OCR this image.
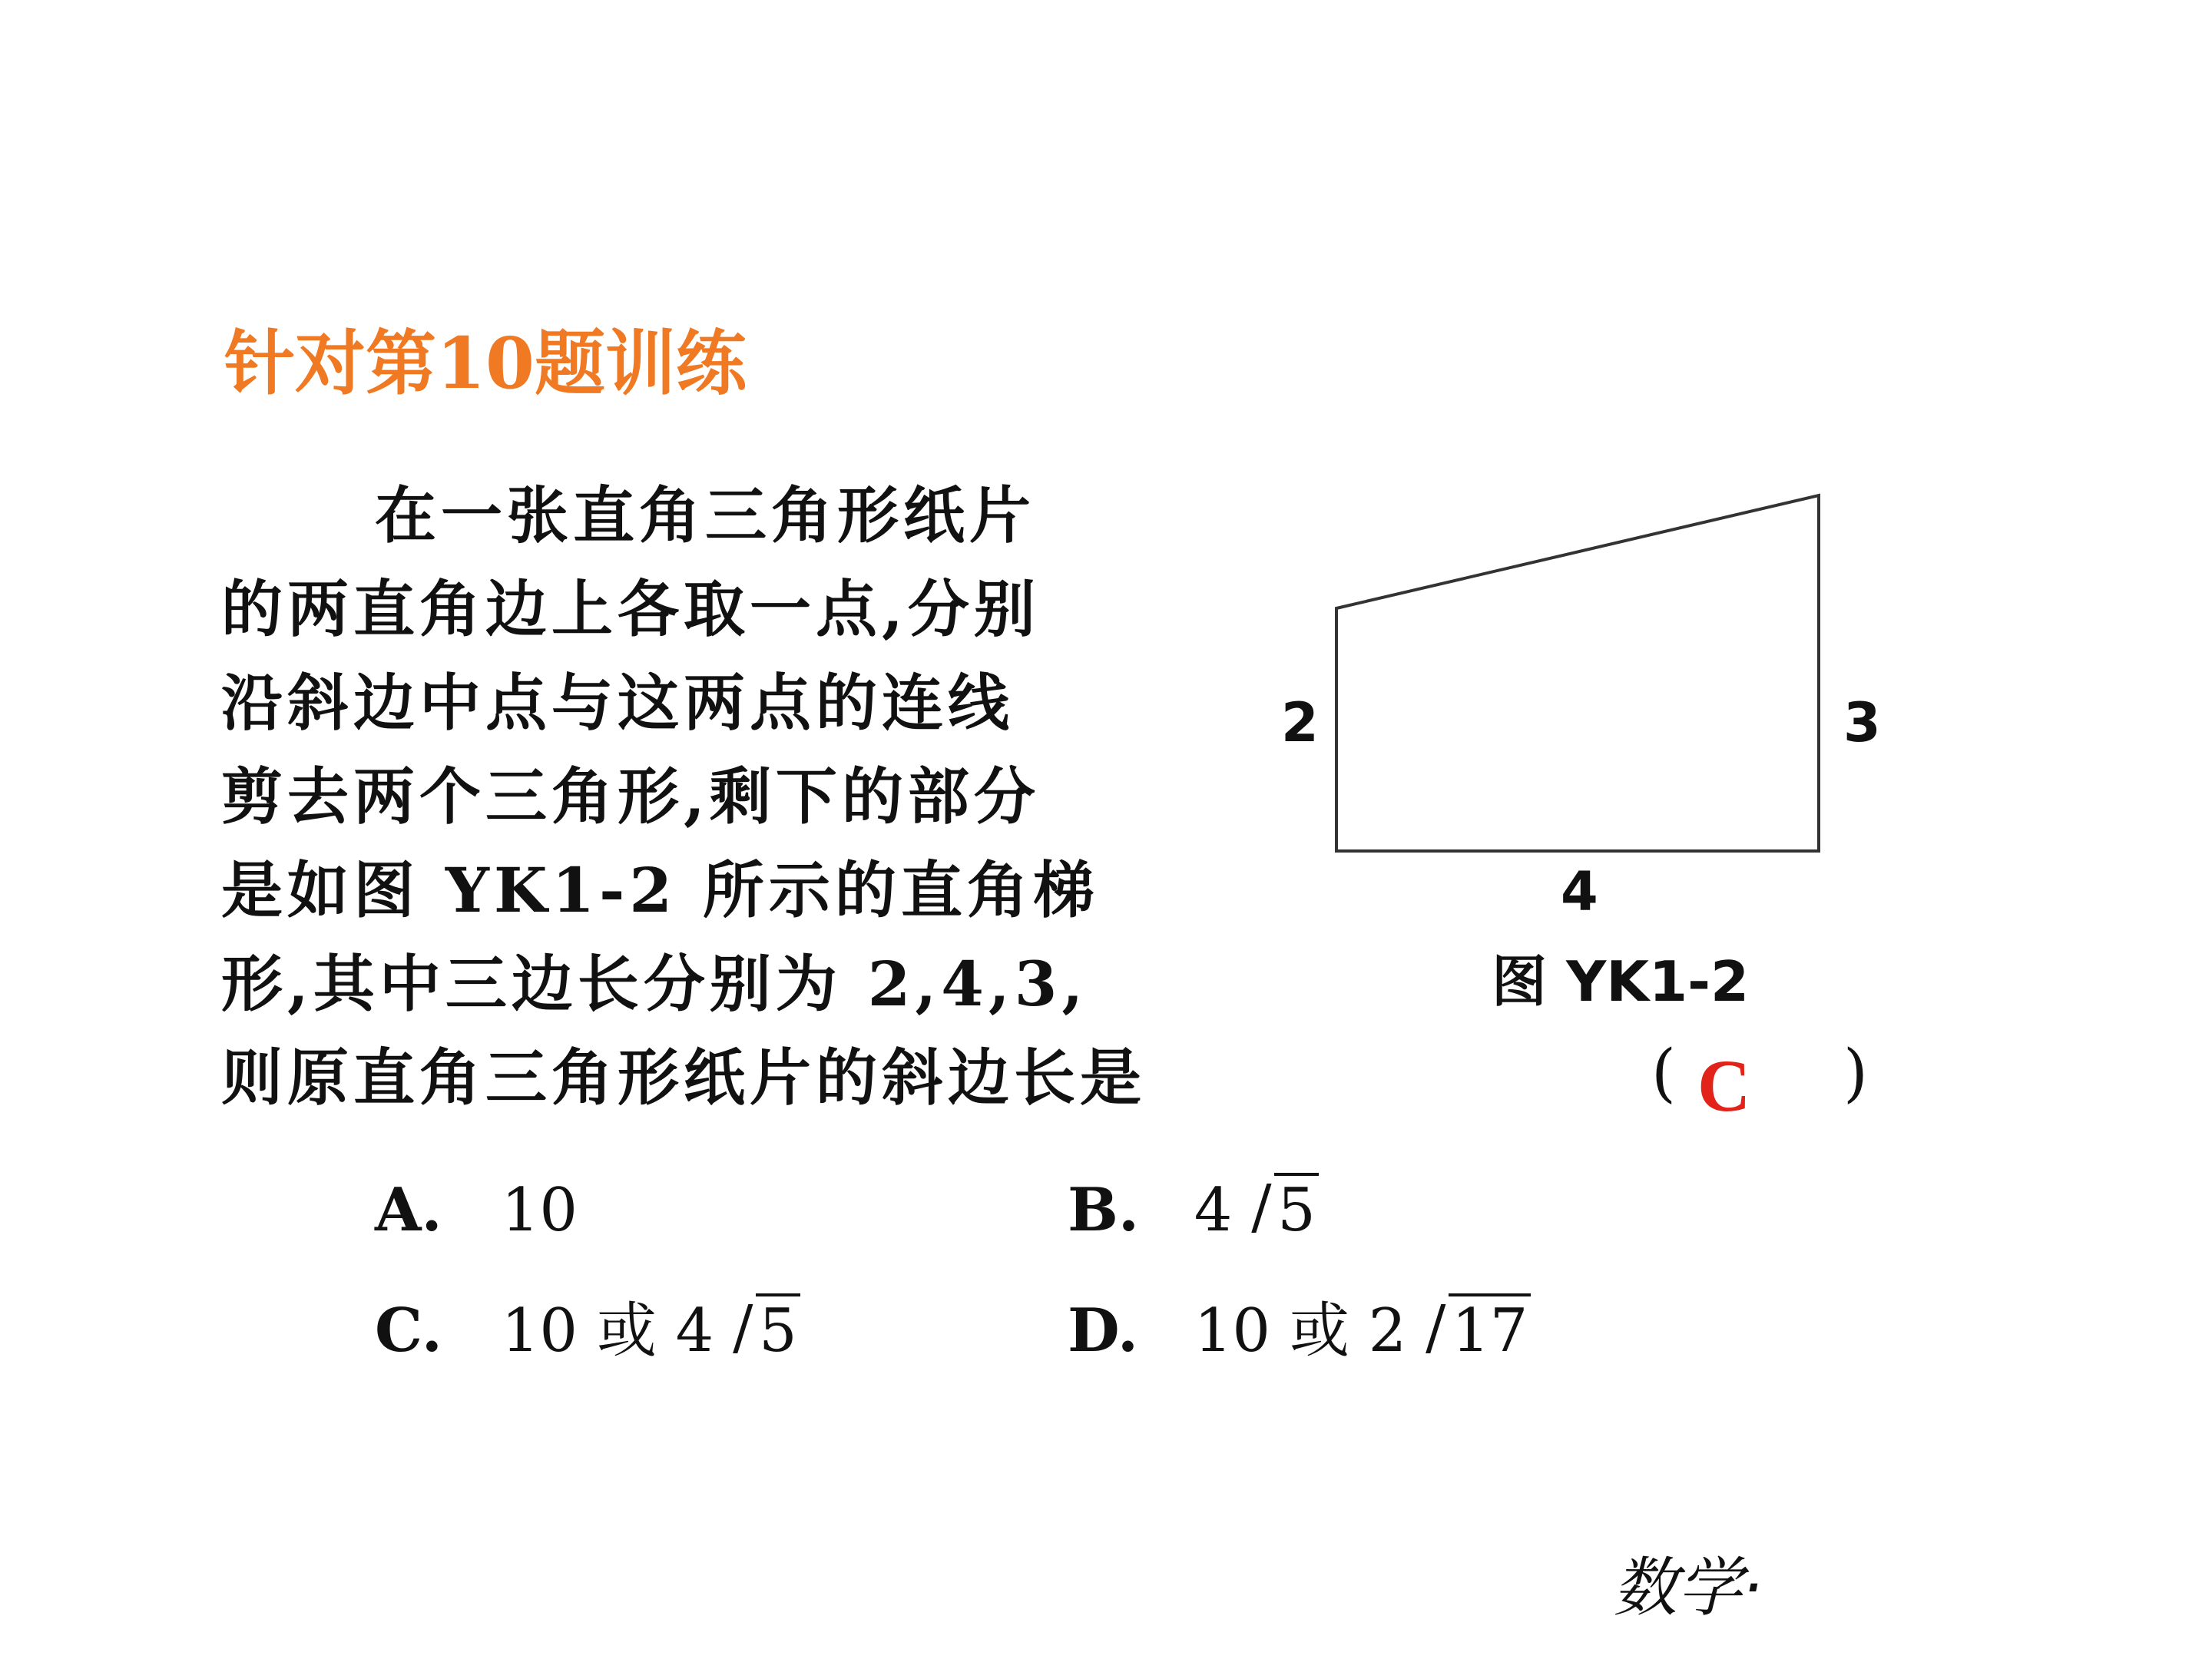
针对第10题训练
在一张直角三角形纸片
的两直角边上各取一点,分别
沿斜边中点与这两点的连线
剪去两个三角形,剩下的部分
是如图 YK1-2 所示的直角梯
形,其中三边长分别为 2,4,3,
则原直角三角形纸片的斜边长是
2	3
4
图 YK1-2
( C )
A. 10	B. 4 / 5
C. 10 或 4 / 5	D. 10 或 2 / 17
数学·
